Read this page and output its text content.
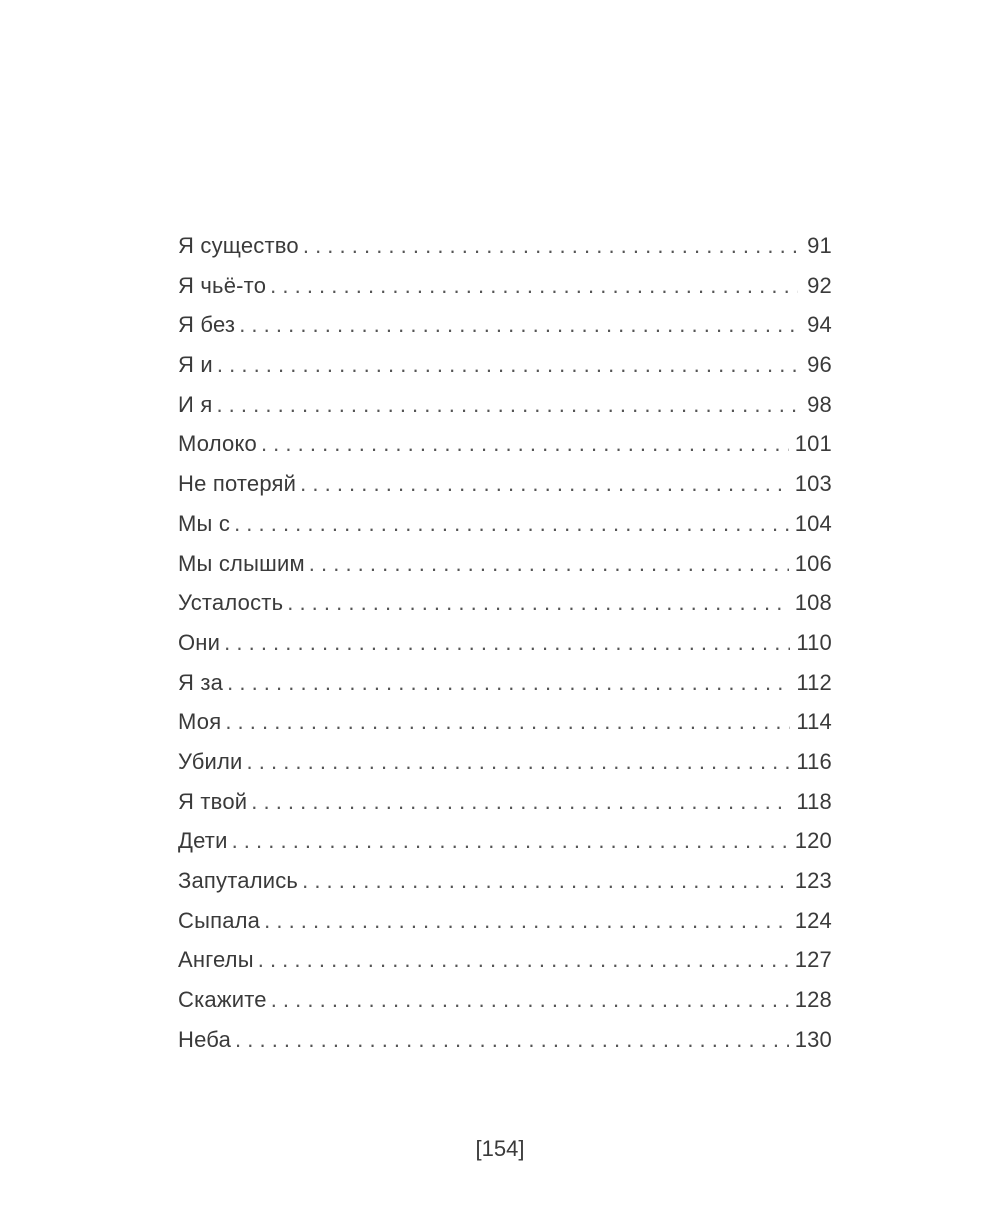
Я существо . . .	91
Я чьё-то . . .	92
Я без . . .	94
Я и . . .	96
И я . . .	98
Молоко . . .	101
Не потеряй . . .	103
Мы с . . .	104
Мы слышим . . .	106
Усталость . . .	108
Они . . .	110
Я за . . .	112
Моя . . .	114
Убили . . .	116
Я твой . . .	118
Дети . . .	120
Запутались . . .	123
Сыпала . . .	124
Ангелы . . .	127
Скажите . . .	128
Неба . . .	130
[154]
